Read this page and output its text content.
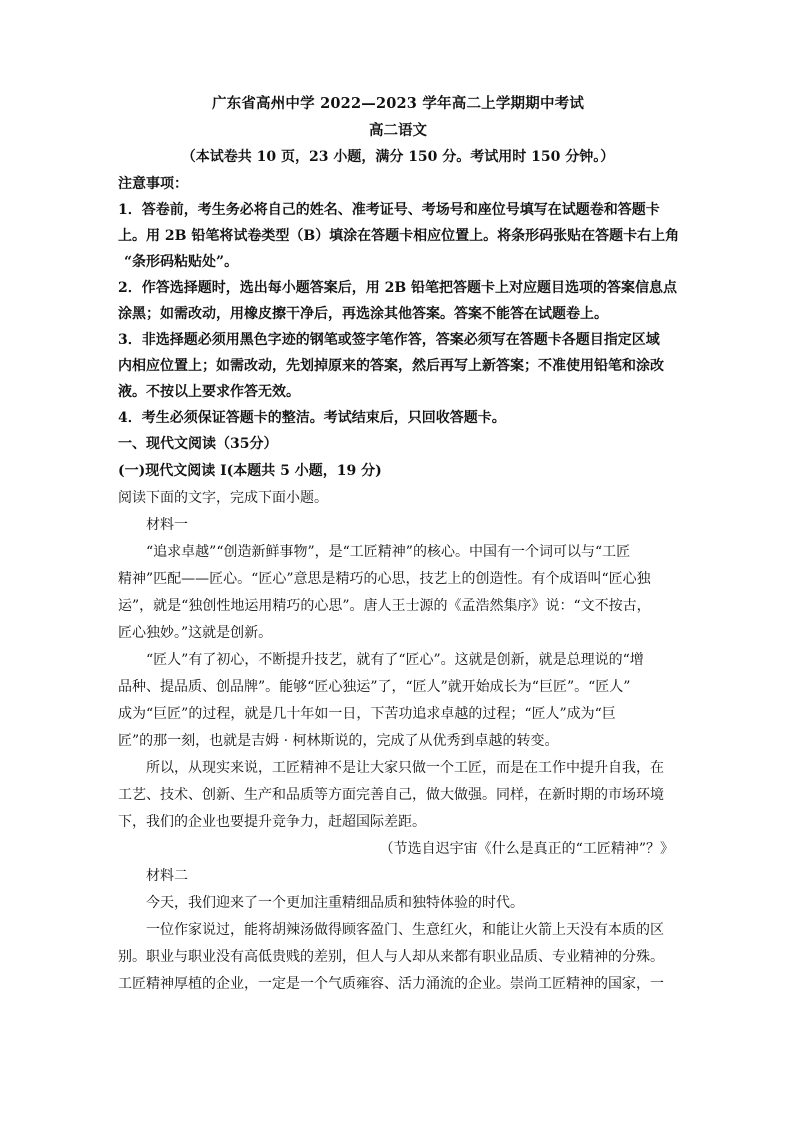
广东省高州中学 2022—2023 学年高二上学期期中考试
高二语文
（本试卷共 10 页，23 小题，满分 150 分。考试用时 150 分钟。）

注意事项：

1．答卷前，考生务必将自己的姓名、准考证号、考场号和座位号填写在试题卷和答题卡
上。用 2B 铅笔将试卷类型（B）填涂在答题卡相应位置上。将条形码张贴在答题卡右上角
“条形码粘贴处”。
2．作答选择题时，选出每小题答案后，用 2B 铅笔把答题卡上对应题目选项的答案信息点
涂黑；如需改动，用橡皮擦干净后，再选涂其他答案。答案不能答在试题卷上。
3．非选择题必须用黑色字迹的钢笔或签字笔作答，答案必须写在答题卡各题目指定区域
内相应位置上；如需改动，先划掉原来的答案，然后再写上新答案；不准使用铅笔和涂改
液。不按以上要求作答无效。
4．考生必须保证答题卡的整洁。考试结束后，只回收答题卡。
一、现代文阅读（35分）
(一)现代文阅读 Ⅰ(本题共 5 小题，19 分)
阅读下面的文字，完成下面小题。
材料一
“追求卓越”“创造新鲜事物”，是“工匠精神”的核心。中国有一个词可以与“工匠
精神”匹配——匠心。“匠心”意思是精巧的心思，技艺上的创造性。有个成语叫“匠心独
运”，就是“独创性地运用精巧的心思”。唐人王士源的《孟浩然集序》说：“文不按古，
匠心独妙。”这就是创新。
“匠人”有了初心，不断提升技艺，就有了“匠心”。这就是创新，就是总理说的“增
品种、提品质、创品牌”。能够“匠心独运”了，“匠人”就开始成长为“巨匠”。“匠人”
成为“巨匠”的过程，就是几十年如一日，下苦功追求卓越的过程；“匠人”成为“巨
匠”的那一刻，也就是吉姆 · 柯林斯说的，完成了从优秀到卓越的转变。
所以，从现实来说，工匠精神不是让大家只做一个工匠，而是在工作中提升自我，在
工艺、技术、创新、生产和品质等方面完善自己，做大做强。同样，在新时期的市场环境
下，我们的企业也要提升竞争力，赶超国际差距。
（节选自迟宇宙《什么是真正的“工匠精神”？》
材料二
今天，我们迎来了一个更加注重精细品质和独特体验的时代。
一位作家说过，能将胡辣汤做得顾客盈门、生意红火，和能让火箭上天没有本质的区
别。职业与职业没有高低贵贱的差别，但人与人却从来都有职业品质、专业精神的分殊。
工匠精神厚植的企业，一定是一个气质雍容、活力涌流的企业。崇尚工匠精神的国家，一
